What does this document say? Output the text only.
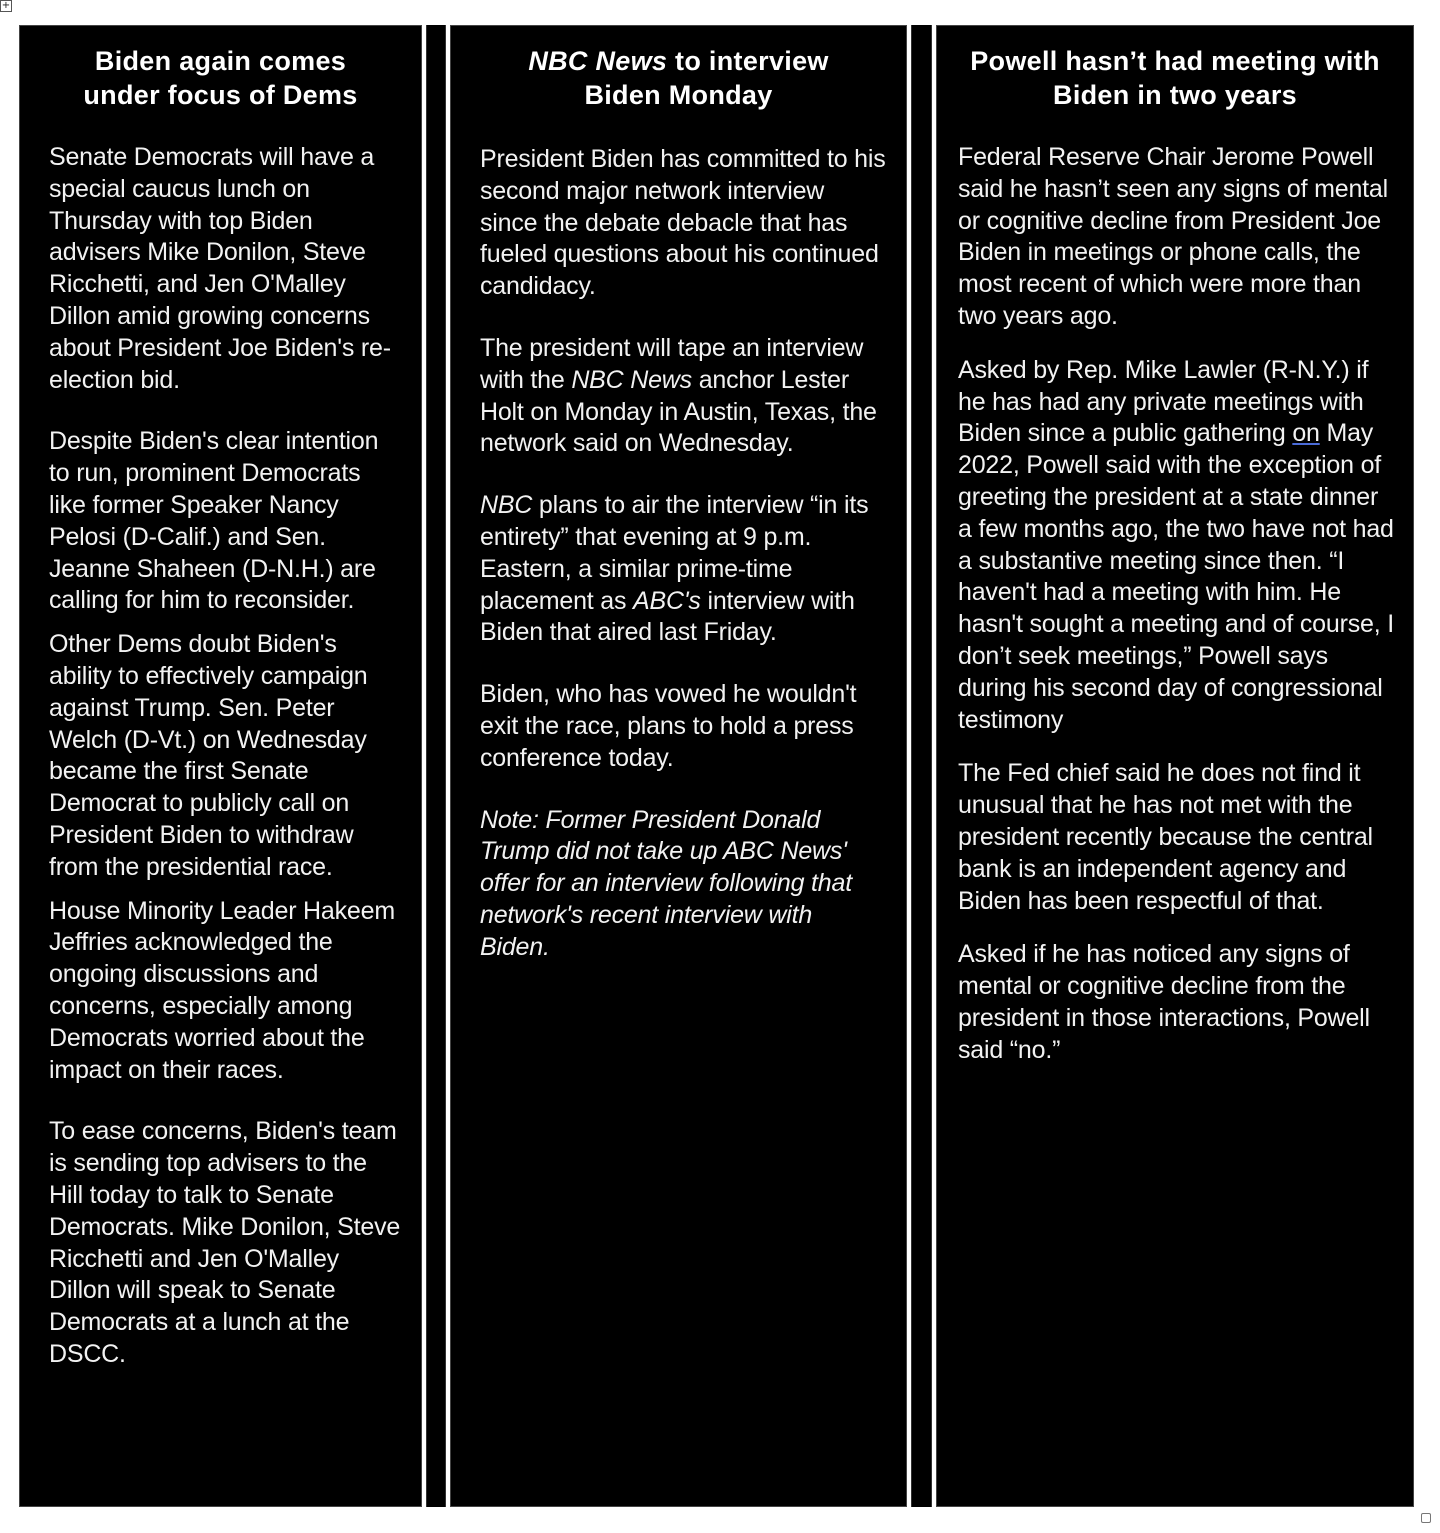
+
Biden again comes under focus of Dems

Senate Democrats will have a special caucus lunch on Thursday with top Biden advisers Mike Donilon, Steve Ricchetti, and Jen O'Malley Dillon amid growing concerns about President Joe Biden's re-election bid.

Despite Biden's clear intention to run, prominent Democrats like former Speaker Nancy Pelosi (D-Calif.) and Sen. Jeanne Shaheen (D-N.H.) are calling for him to reconsider.

Other Dems doubt Biden's ability to effectively campaign against Trump. Sen. Peter Welch (D-Vt.) on Wednesday became the first Senate Democrat to publicly call on President Biden to withdraw from the presidential race.

House Minority Leader Hakeem Jeffries acknowledged the ongoing discussions and concerns, especially among Democrats worried about the impact on their races.

To ease concerns, Biden's team is sending top advisers to the Hill today to talk to Senate Democrats. Mike Donilon, Steve Ricchetti and Jen O'Malley Dillon will speak to Senate Democrats at a lunch at the DSCC.

NBC News to interview Biden Monday

President Biden has committed to his second major network interview since the debate debacle that has fueled questions about his continued candidacy.

The president will tape an interview with the NBC News anchor Lester Holt on Monday in Austin, Texas, the network said on Wednesday.

NBC plans to air the interview “in its entirety” that evening at 9 p.m. Eastern, a similar prime-time placement as ABC's interview with Biden that aired last Friday.

Biden, who has vowed he wouldn't exit the race, plans to hold a press conference today.

Note: Former President Donald Trump did not take up ABC News' offer for an interview following that network's recent interview with Biden.

Powell hasn’t had meeting with Biden in two years

Federal Reserve Chair Jerome Powell said he hasn’t seen any signs of mental or cognitive decline from President Joe Biden in meetings or phone calls, the most recent of which were more than two years ago.

Asked by Rep. Mike Lawler (R-N.Y.) if he has had any private meetings with Biden since a public gathering on May 2022, Powell said with the exception of greeting the president at a state dinner a few months ago, the two have not had a substantive meeting since then. “I haven't had a meeting with him. He hasn't sought a meeting and of course, I don’t seek meetings,” Powell says during his second day of congressional testimony

The Fed chief said he does not find it unusual that he has not met with the president recently because the central bank is an independent agency and Biden has been respectful of that.

Asked if he has noticed any signs of mental or cognitive decline from the president in those interactions, Powell said “no.”
